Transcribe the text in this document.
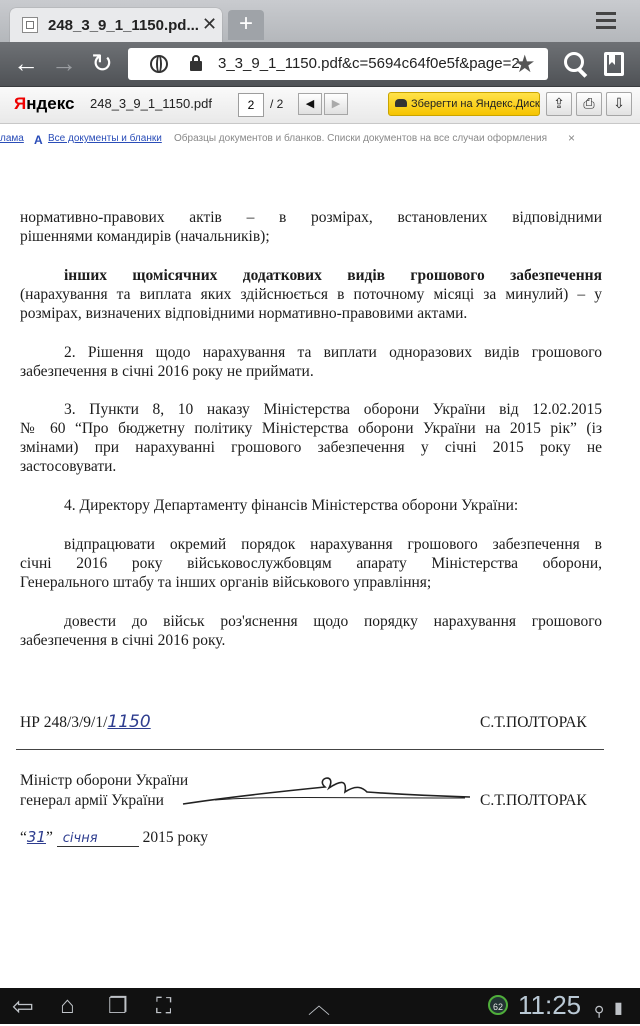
248_3_9_1_1150.pd... ✕ +
← → ↻	3_3_9_1_1150.pdf&c=5694c64f0e5f&page=2
★
Яндекс 248_3_9_1_1150.pdf	2	/ 2	◀	▶	Зберегти на Яндекс.Диск ⇪	⎙	⇩
лама A Все документы и бланки Образцы документов и бланков. Списки документов на все случаи оформления ×
нормативно-правових актів – в розмірах, встановлених відповідними
рішеннями командирів (начальників);
інших щомісячних додаткових видів грошового забезпечення
(нарахування та виплата яких здійснюється в поточному місяці за минулий) – у
розмірах, визначених відповідними нормативно-правовими актами.
2. Рішення щодо нарахування та виплати одноразових видів грошового
забезпечення в січні 2016 року не приймати.
3. Пункти 8, 10 наказу Міністерства оборони України від 12.02.2015
№ 60 “Про бюджетну політику Міністерства оборони України на 2015 рік” (із
змінами) при нарахуванні грошового забезпечення у січні 2015 року не
застосовувати.
4. Директору Департаменту фінансів Міністерства оборони України:
відпрацювати окремий порядок нарахування грошового забезпечення в
січні 2016 року військовослужбовцям апарату Міністерства оборони,
Генерального штабу та інших органів військового управління;
довести до військ роз'яснення щодо порядку нарахування грошового
забезпечення в січні 2016 року.
НР 248/3/9/1/1150	С.Т.ПОЛТОРАК
Міністр оборони України
генерал армії України	С.Т.ПОЛТОРАК
“31” січня	2015 року
⇦ ⌂ ❐ ⛶	︿	62 11:25 ⚲ ▮
